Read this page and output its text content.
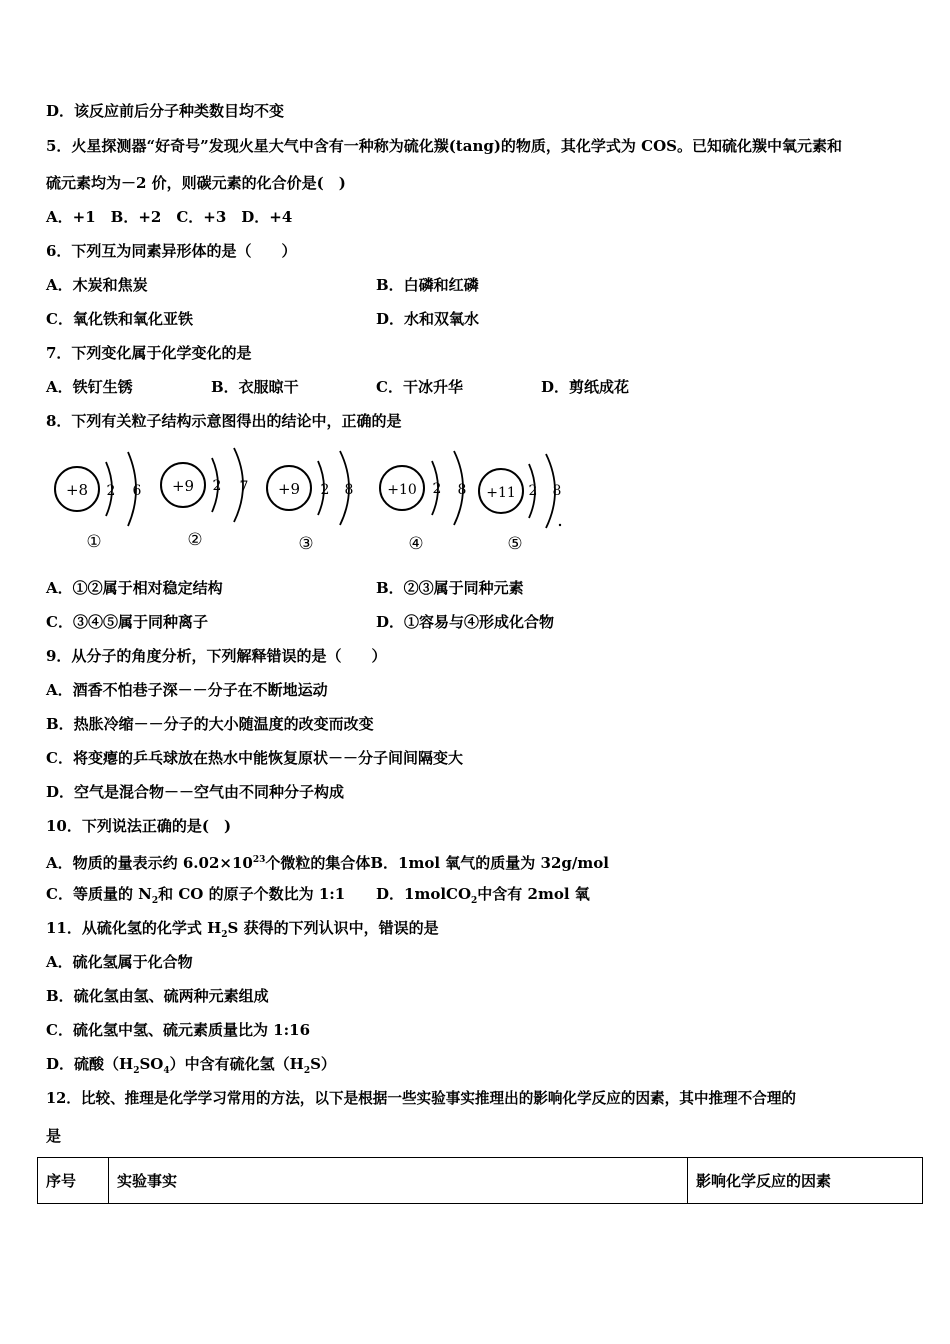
D．该反应前后分子种类数目均不变
5．火星探测器“好奇号”发现火星大气中含有一种称为硫化羰(tang)的物质，其化学式为 COS。已知硫化羰中氧元素和
硫元素均为－2 价，则碳元素的化合价是(　)
A．+1　B．+2　C．+3　D．+4
6．下列互为同素异形体的是（　　）
A．木炭和焦炭	B．白磷和红磷
C．氧化铁和氧化亚铁	D．水和双氧水
7．下列变化属于化学变化的是
A．铁钉生锈	B．衣服晾干	C．干冰升华	D．剪纸成花
8．下列有关粒子结构示意图得出的结论中，正确的是
+8 2 6
①
+9 2 7
②
+9 2 8
③
+10 2 8
④
+11 2 8
⑤
A．①②属于相对稳定结构	B．②③属于同种元素
C．③④⑤属于同种离子	D．①容易与④形成化合物
9．从分子的角度分析，下列解释错误的是（　　）
A．酒香不怕巷子深－－分子在不断地运动
B．热胀冷缩－－分子的大小随温度的改变而改变
C．将变瘪的乒乓球放在热水中能恢复原状－－分子间间隔变大
D．空气是混合物－－空气由不同种分子构成
10．下列说法正确的是(　)
A．物质的量表示约 $6.02\times 10^{23}$个微粒的集合体B．1mol 氧气的质量为 32g/mol
C．等质量的 $N_2$和 CO 的原子个数比为 1:1 D．1molCO$_2$中含有 2mol 氧
11．从硫化氢的化学式 $H_2S$ 获得的下列认识中，错误的是
A．硫化氢属于化合物
B．硫化氢由氢、硫两种元素组成
C．硫化氢中氢、硫元素质量比为 1:16
D．硫酸$(H_2SO_4)$中含有硫化氢$(H_2S)$
12．比较、推理是化学学习常用的方法，以下是根据一些实验事实推理出的影响化学反应的因素，其中推理不合理的
是
序号	实验事实	影响化学反应的因素
